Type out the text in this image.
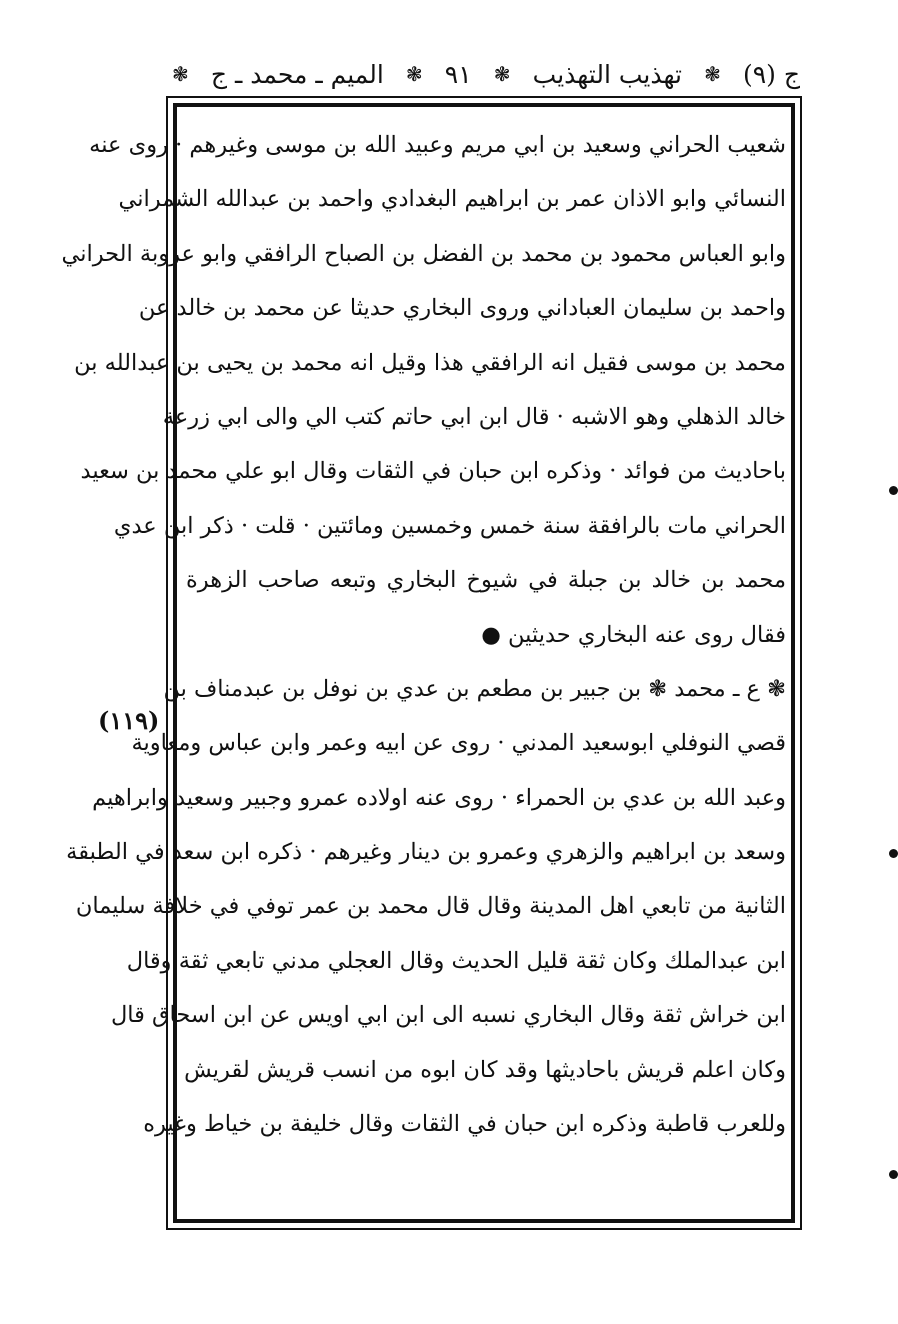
ج (٩)
❃
تهذيب التهذيب
❃
٩١
❃
الميم ـ محمد ـ ج
❃
شعيب الحراني وسعيد بن ابي مريم وعبيد الله بن موسى وغيرهم · روى عنه
النسائي وابو الاذان عمر بن ابراهيم البغدادي واحمد بن عبدالله الشمراني
وابو العباس محمود بن محمد بن الفضل بن الصباح الرافقي وابو عروبة الحراني
واحمد بن سليمان العباداني وروى البخاري حديثا عن محمد بن خالد عن
محمد بن موسى فقيل انه الرافقي هذا وقيل انه محمد بن يحيى بن عبدالله بن
خالد الذهلي وهو الاشبه · قال ابن ابي حاتم كتب الي والى ابي زرعة
باحاديث من فوائد · وذكره ابن حبان في الثقات وقال ابو علي محمد بن سعيد
الحراني مات بالرافقة سنة خمس وخمسين ومائتين · قلت · ذكر ابن عدي
محمد بن خالد بن جبلة في شيوخ البخاري وتبعه صاحب الزهرة
فقال روى عنه البخاري حديثين ●
❃ ع ـ محمد ❃ بن جبير بن مطعم بن عدي بن نوفل بن عبدمناف بن
قصي النوفلي ابوسعيد المدني · روى عن ابيه وعمر وابن عباس ومعاوية
وعبد الله بن عدي بن الحمراء · روى عنه اولاده عمرو وجبير وسعيد وابراهيم
وسعد بن ابراهيم والزهري وعمرو بن دينار وغيرهم · ذكره ابن سعد في الطبقة
الثانية من تابعي اهل المدينة وقال قال محمد بن عمر توفي في خلافة سليمان
ابن عبدالملك وكان ثقة قليل الحديث وقال العجلي مدني تابعي ثقة وقال
ابن خراش ثقة وقال البخاري نسبه الى ابن ابي اويس عن ابن اسحاق قال
وكان اعلم قريش باحاديثها وقد كان ابوه من انسب قريش لقريش
وللعرب قاطبة وذكره ابن حبان في الثقات وقال خليفة بن خياط وغيره
(١١٩)
